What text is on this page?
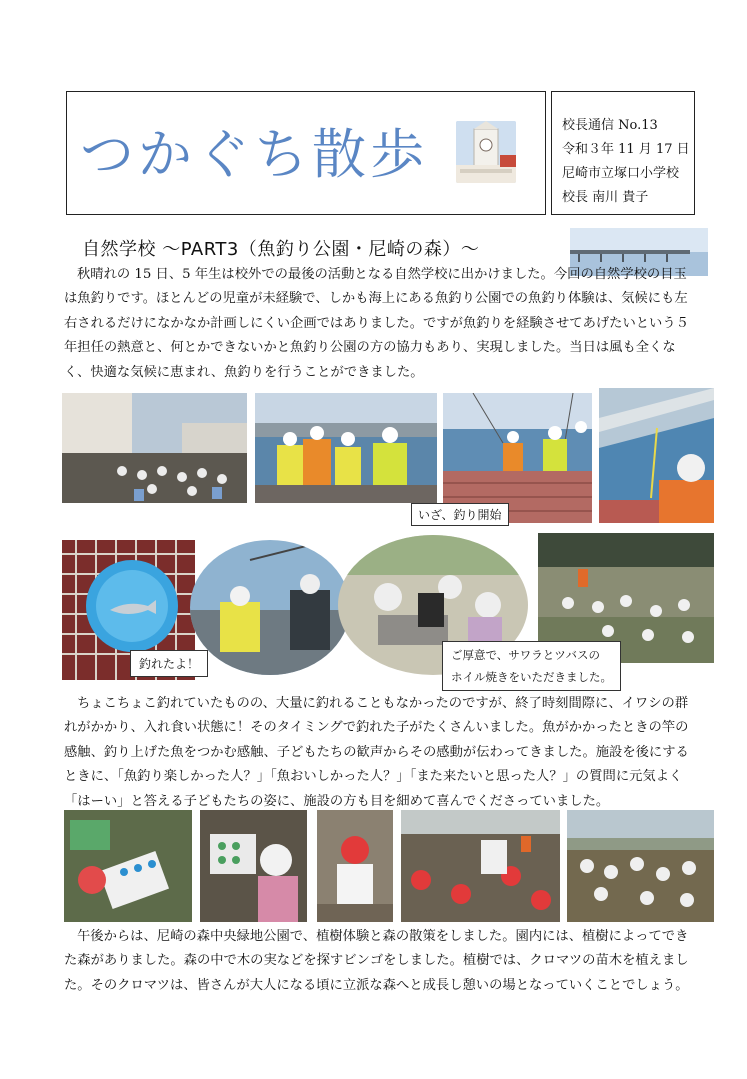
つかぐち散歩	校長通信 No.13
令和３年 11 月 17 日
尼崎市立塚口小学校
校長 南川 貴子
自然学校 ～PART3（魚釣り公園・尼崎の森）～
秋晴れの 15 日、5 年生は校外での最後の活動となる自然学校に出かけました。今回の自然学校の目玉
は魚釣りです。ほとんどの児童が未経験で、しかも海上にある魚釣り公園での魚釣り体験は、気候にも左
右されるだけになかなか計画しにくい企画ではありました。ですが魚釣りを経験させてあげたいという５
年担任の熱意と、何とかできないかと魚釣り公園の方の協力もあり、実現しました。当日は風も全くな
く、快適な気候に恵まれ、魚釣りを行うことができました。
いざ、釣り開始
釣れたよ！
ご厚意で、サワラとツバスの
ホイル焼きをいただきました。
ちょこちょこ釣れていたものの、大量に釣れることもなかったのですが、終了時刻間際に、イワシの群
れがかかり、入れ食い状態に！そのタイミングで釣れた子がたくさんいました。魚がかかったときの竿の
感触、釣り上げた魚をつかむ感触、子どもたちの歓声からその感動が伝わってきました。施設を後にする
ときに、「魚釣り楽しかった人？」「魚おいしかった人？」「また来たいと思った人？」の質問に元気よく
「はーい」と答える子どもたちの姿に、施設の方も目を細めて喜んでくださっていました。
午後からは、尼崎の森中央緑地公園で、植樹体験と森の散策をしました。園内には、植樹によってでき
た森がありました。森の中で木の実などを探すビンゴをしました。植樹では、クロマツの苗木を植えまし
た。そのクロマツは、皆さんが大人になる頃に立派な森へと成長し憩いの場となっていくことでしょう。
